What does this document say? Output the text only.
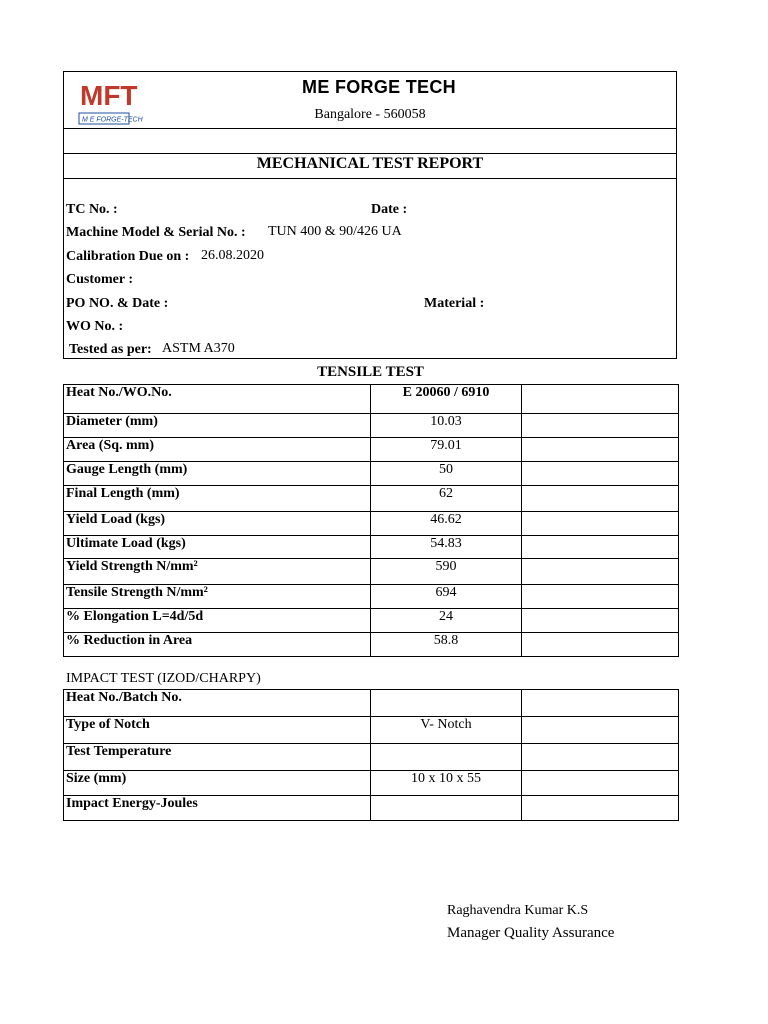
MFT
M E FORGE-TECH
ME FORGE TECH
Bangalore - 560058
MECHANICAL TEST REPORT
TC No. :	Date :
Machine Model & Serial No. : TUN 400 & 90/426 UA
Calibration Due on : 26.08.2020
Customer :
PO NO. & Date :	Material :
WO No. :
Tested as per: ASTM A370
TENSILE TEST
Heat No./WO.No.	E 20060 / 6910	
Diameter (mm)	10.03	
Area (Sq. mm)	79.01	
Gauge Length (mm)	50	
Final Length (mm)	62	
Yield Load (kgs)	46.62	
Ultimate Load (kgs)	54.83	
Yield Strength N/mm²	590	
Tensile Strength N/mm²	694	
% Elongation L=4d/5d	24	
% Reduction in Area	58.8	
IMPACT TEST (IZOD/CHARPY)
Heat No./Batch No.		
Type of Notch	V- Notch	
Test Temperature		
Size (mm)	10 x 10 x 55	
Impact Energy-Joules		
Raghavendra Kumar K.S
Manager Quality Assurance
